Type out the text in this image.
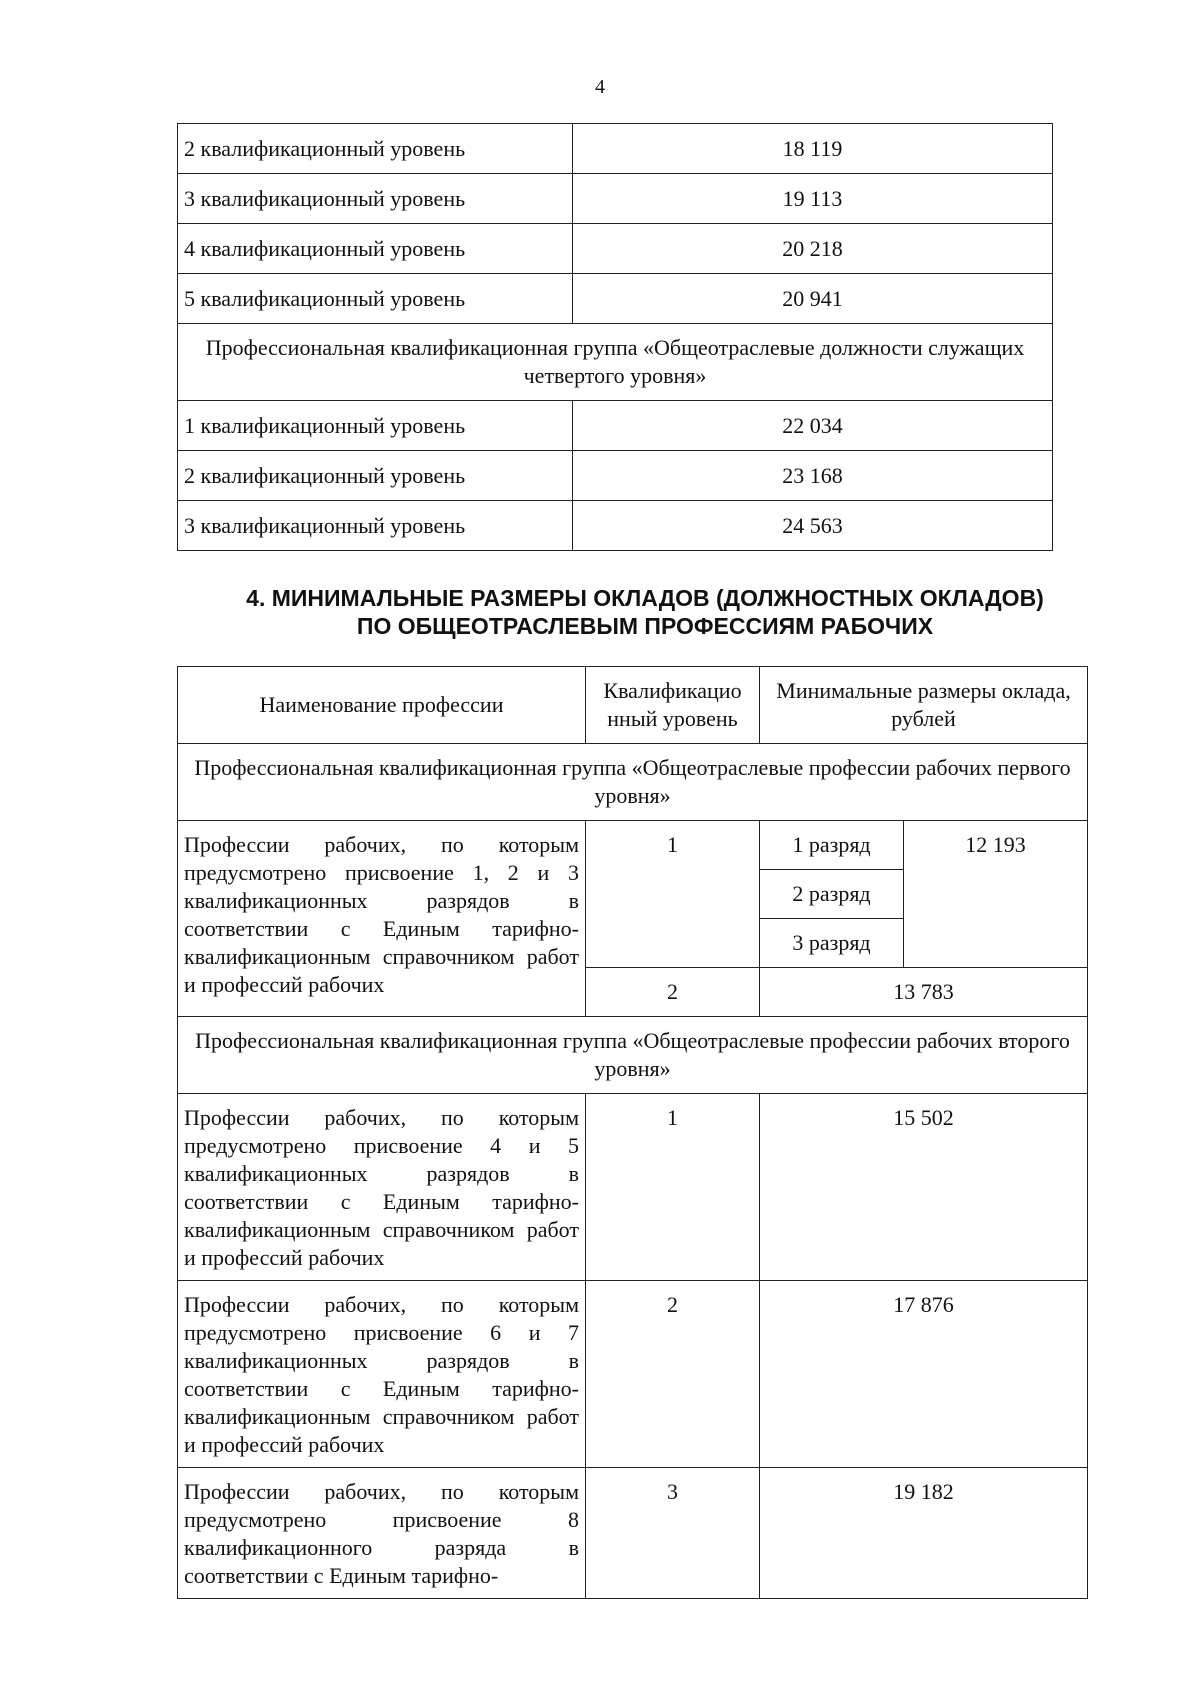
4
2 квалификационный уровень	18 119
3 квалификационный уровень	19 113
4 квалификационный уровень	20 218
5 квалификационный уровень	20 941
Профессиональная квалификационная группа «Общеотраслевые должности служащих четвертого уровня»	
1 квалификационный уровень	22 034
2 квалификационный уровень	23 168
3 квалификационный уровень	24 563
4. МИНИМАЛЬНЫЕ РАЗМЕРЫ ОКЛАДОВ (ДОЛЖНОСТНЫХ ОКЛАДОВ)
ПО ОБЩЕОТРАСЛЕВЫМ ПРОФЕССИЯМ РАБОЧИХ
Наименование профессии	Квалификацио нный уровень	Минимальные размеры оклада, рублей	
Профессиональная квалификационная группа «Общеотраслевые профессии рабочих первого уровня»			
Профессии рабочих, по которым предусмотрено присвоение 1, 2 и 3 квалификационных разрядов в соответствии с Единым тарифно-квалификационным справочником работ и профессий рабочих	1	1 разряд	12 193
		2 разряд	
		3 разряд	
	2	13 783	
Профессиональная квалификационная группа «Общеотраслевые профессии рабочих второго уровня»			
Профессии рабочих, по которым предусмотрено присвоение 4 и 5 квалификационных разрядов в соответствии с Единым тарифно-квалификационным справочником работ и профессий рабочих	1	15 502	
Профессии рабочих, по которым предусмотрено присвоение 6 и 7 квалификационных разрядов в соответствии с Единым тарифно-квалификационным справочником работ и профессий рабочих	2	17 876	
Профессии рабочих, по которым предусмотрено присвоение 8 квалификационного разряда в соответствии с Единым тарифно-	3	19 182	
